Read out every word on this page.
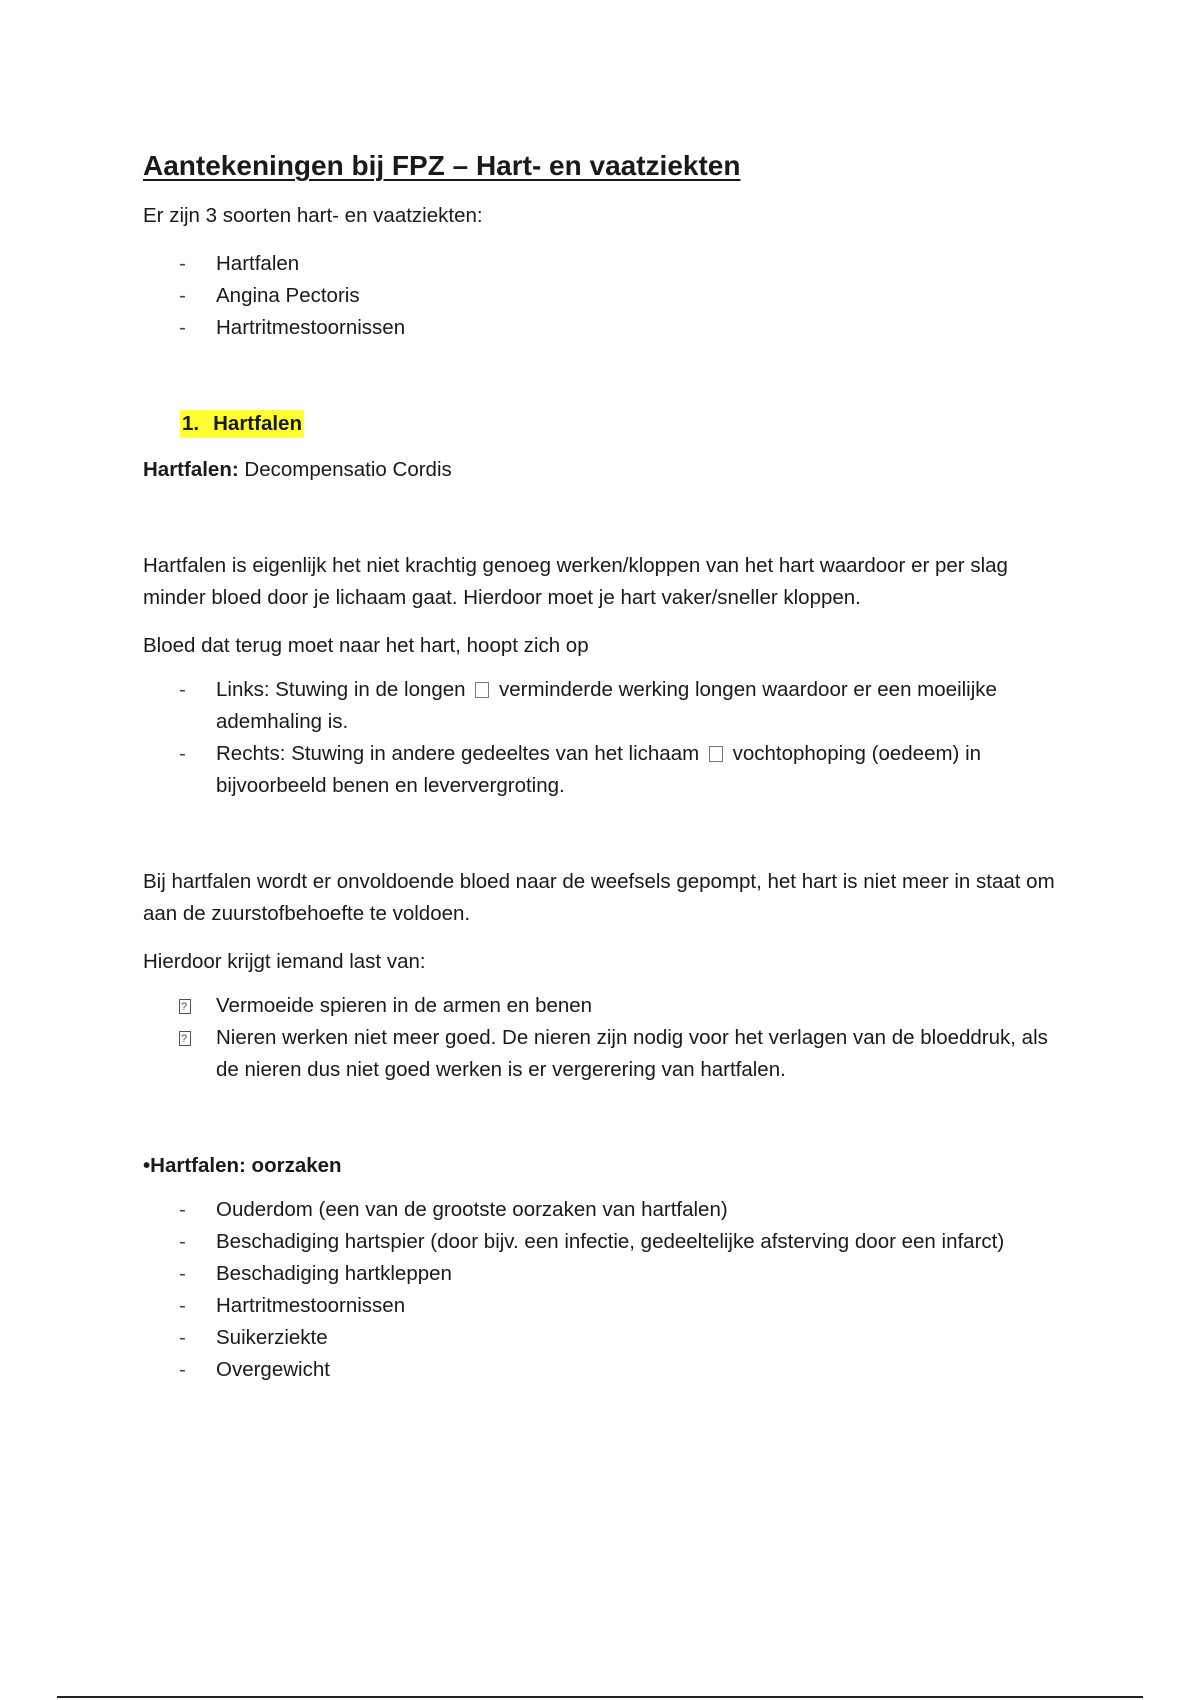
Aantekeningen bij FPZ – Hart- en vaatziekten

Er zijn 3 soorten hart- en vaatziekten:

-	Hartfalen
-	Angina Pectoris
-	Hartritmestoornissen
1. Hartfalen

Hartfalen: Decompensatio Cordis

Hartfalen is eigenlijk het niet krachtig genoeg werken/kloppen van het hart waardoor er per slag minder bloed door je lichaam gaat. Hierdoor moet je hart vaker/sneller kloppen.

Bloed dat terug moet naar het hart, hoopt zich op

-	Links: Stuwing in de longen  verminderde werking longen waardoor er een moeilijke ademhaling is.
-	Rechts: Stuwing in andere gedeeltes van het lichaam  vochtophoping (oedeem) in bijvoorbeeld benen en leververgroting.

Bij hartfalen wordt er onvoldoende bloed naar de weefsels gepompt, het hart is niet meer in staat om aan de zuurstofbehoefte te voldoen.

Hierdoor krijgt iemand last van:

?
Vermoeide spieren in de armen en benen
?
Nieren werken niet meer goed. De nieren zijn nodig voor het verlagen van de bloeddruk, als de nieren dus niet goed werken is er vergerering van hartfalen.

•Hartfalen: oorzaken

-	Ouderdom (een van de grootste oorzaken van hartfalen)
-	Beschadiging hartspier (door bijv. een infectie, gedeeltelijke afsterving door een infarct)
-	Beschadiging hartkleppen
-	Hartritmestoornissen
-	Suikerziekte
-	Overgewicht
